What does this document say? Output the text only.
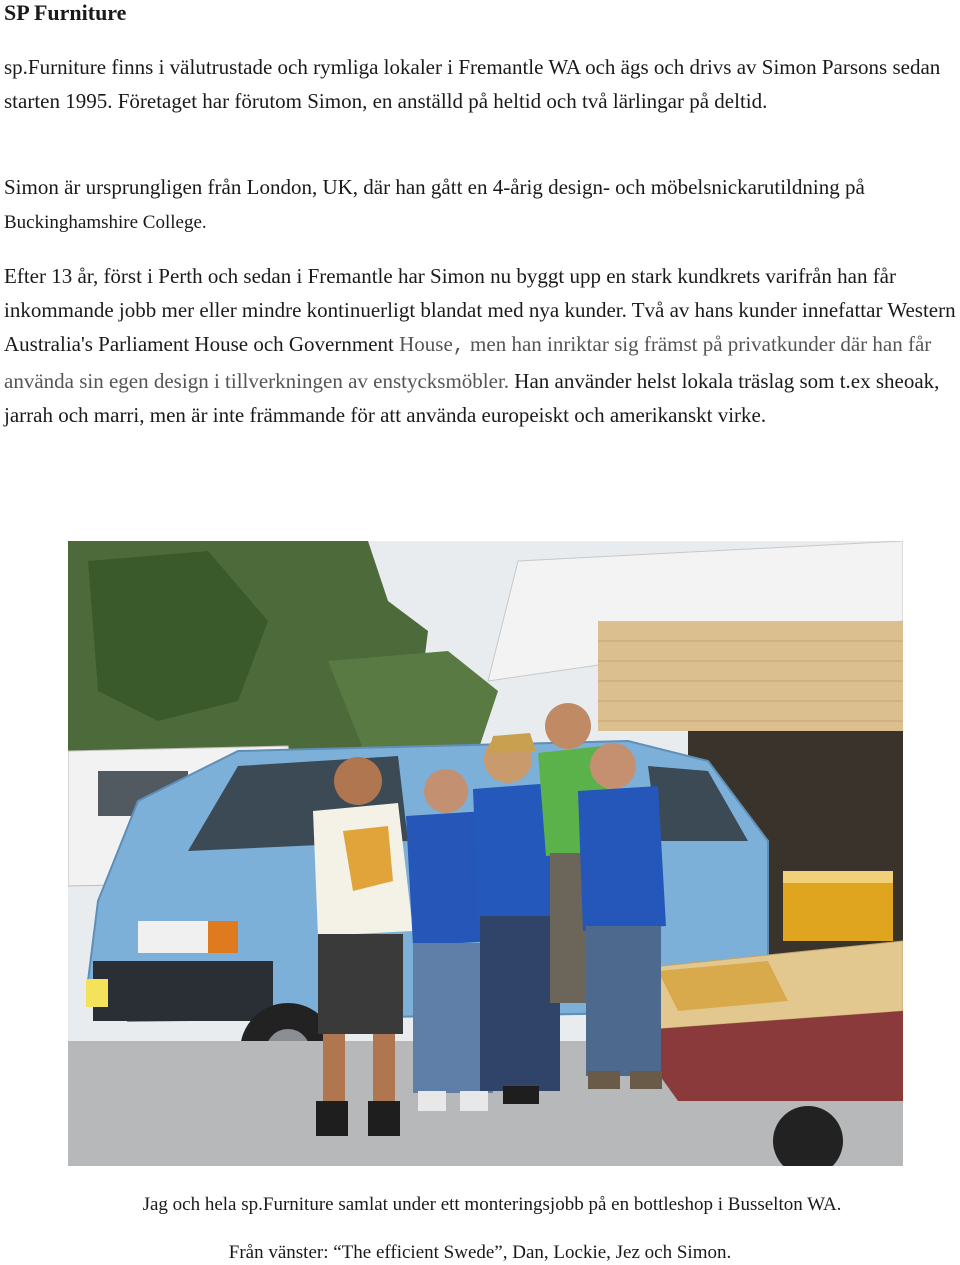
SP Furniture

sp.Furniture finns i välutrustade och rymliga lokaler i Fremantle WA och ägs och drivs av Simon Parsons sedan starten 1995. Företaget har förutom Simon, en anställd på heltid och två lärlingar på deltid.

Simon är ursprungligen från London, UK, där han gått en 4-årig design- och möbelsnickarutildning på Buckinghamshire College.

Efter 13 år, först i Perth och sedan i Fremantle har Simon nu byggt upp en stark kundkrets varifrån han får inkommande jobb mer eller mindre kontinuerligt blandat med nya kunder. Två av hans kunder innefattar Western Australia's Parliament House och Government House, men han inriktar sig främst på privatkunder där han får använda sin egen design i tillverkningen av enstycksmöbler. Han använder helst lokala träslag som t.ex sheoak, jarrah och marri, men är inte främmande för att använda europeiskt och amerikanskt virke.

Jag och hela sp.Furniture samlat under ett monteringsjobb på en bottleshop i Busselton WA.

Från vänster: “The efficient Swede”, Dan, Lockie, Jez och Simon.
